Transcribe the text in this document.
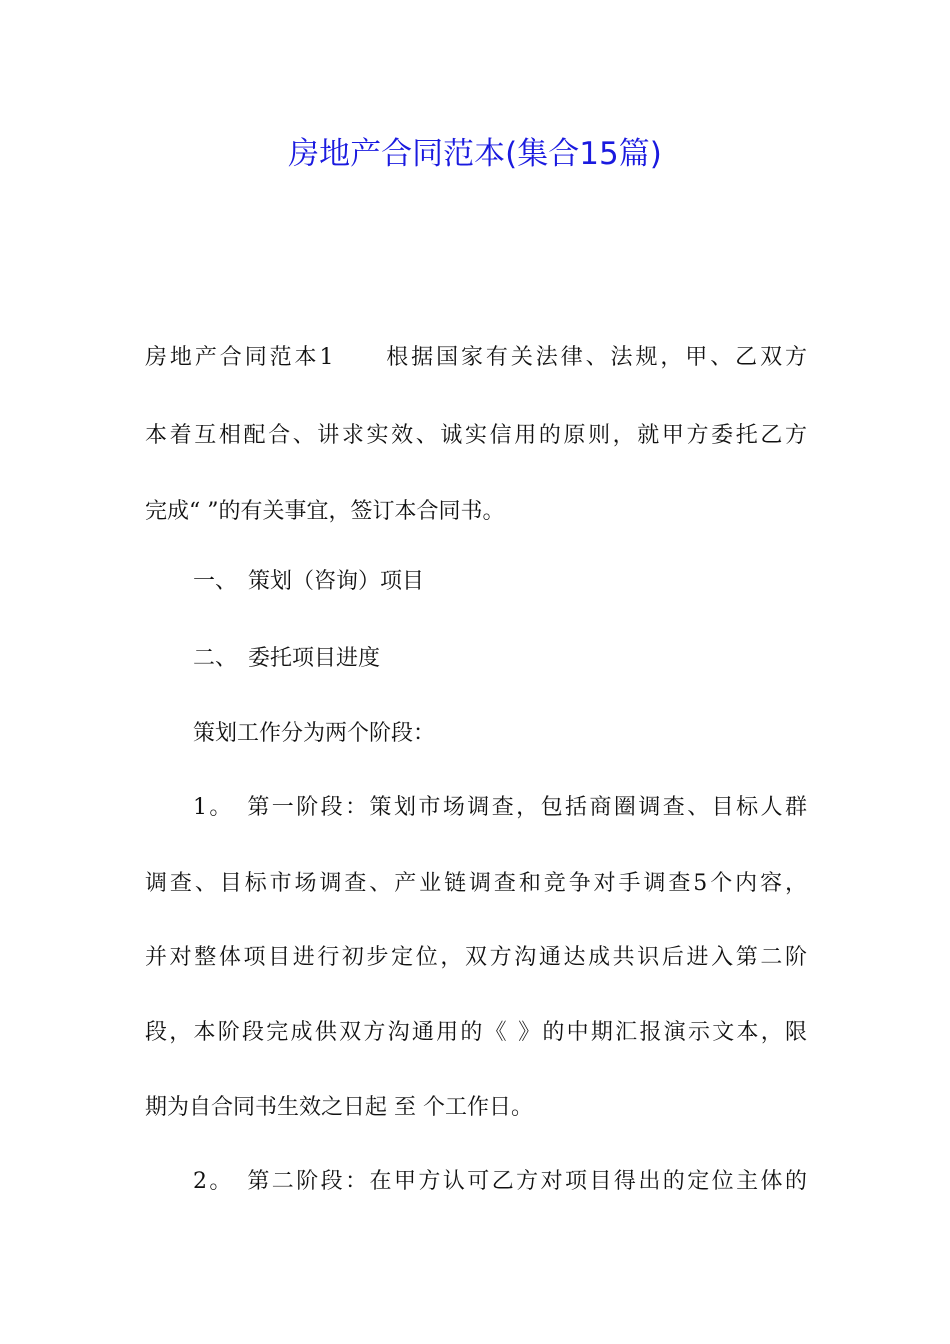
房地产合同范本(集合15篇)
房地产合同范本1　　根据国家有关法律、法规，甲、乙双方
本着互相配合、讲求实效、诚实信用的原则，就甲方委托乙方
完成“ ”的有关事宜，签订本合同书。
一、　策划（咨询）项目
二、　委托项目进度
策划工作分为两个阶段：
1。　第一阶段：策划市场调查，包括商圈调查、目标人群
调查、目标市场调查、产业链调查和竞争对手调查5个内容，
并对整体项目进行初步定位，双方沟通达成共识后进入第二阶
段，本阶段完成供双方沟通用的《 》的中期汇报演示文本，限
期为自合同书生效之日起 至 个工作日。
2。　第二阶段：在甲方认可乙方对项目得出的定位主体的
